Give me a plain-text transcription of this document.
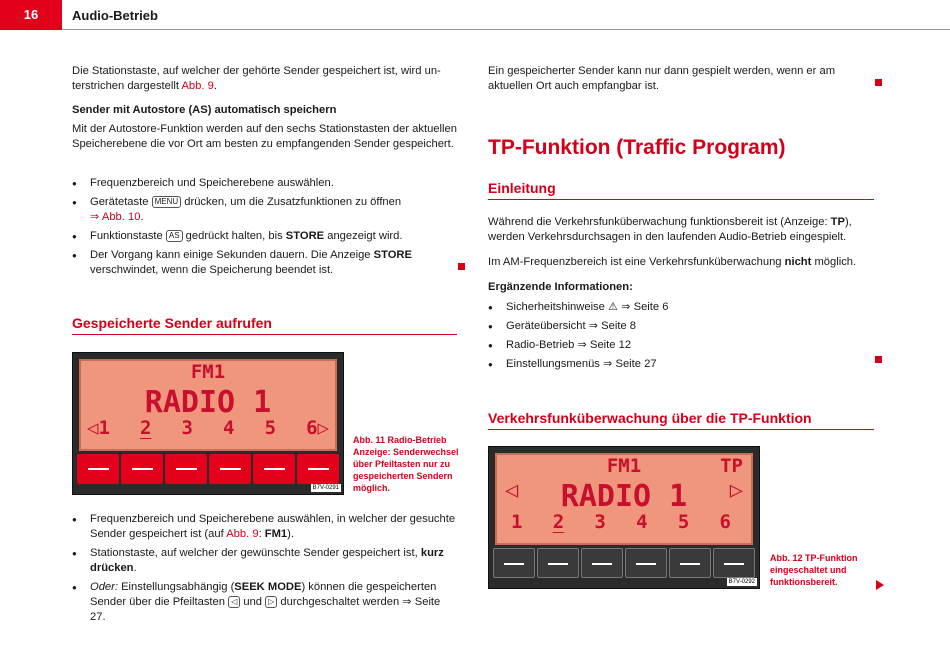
16	Audio-Betrieb

Die Stationstaste, auf welcher der gehörte Sender gespeichert ist, wird un-
terstrichen dargestellt Abb. 9.

Sender mit Autostore (AS) automatisch speichern

Mit der Autostore-Funktion werden auf den sechs Stationstasten der aktuellen Speicherebene die vor Ort am besten zu empfangenden Sender gespeichert.

● Frequenzbereich und Speicherebene auswählen.
● Gerätetaste MENU drücken, um die Zusatzfunktionen zu öffnen
⇒ Abb. 10.
● Funktionstaste AS gedrückt halten, bis STORE angezeigt wird.
● Der Vorgang kann einige Sekunden dauern. Die Anzeige STORE verschwindet, wenn die Speicherung beendet ist.
Gespeicherte Sender aufrufen
FM1
RADIO 1
◁1 2 3 4 5 6▷
B7V-0291
Abb. 11 Radio-Betrieb Anzeige: Senderwechsel über Pfeiltasten nur zu gespeicherten Sendern möglich.
● Frequenzbereich und Speicherebene auswählen, in welcher der gesuchte Sender gespeichert ist (auf Abb. 9: FM1).
● Stationstaste, auf welcher der gewünschte Sender gespeichert ist, kurz drücken.
● Oder: Einstellungsabhängig (SEEK MODE) können die gespeicherten Sender über die Pfeiltasten ◁ und ▷ durchgeschaltet werden ⇒ Seite 27.

Ein gespeicherter Sender kann nur dann gespielt werden, wenn er am aktuellen Ort auch empfangbar ist.

TP-Funktion (Traffic Program)
Einleitung

Während die Verkehrsfunküberwachung funktionsbereit ist (Anzeige: TP), werden Verkehrsdurchsagen in den laufenden Audio-Betrieb eingespielt.

Im AM-Frequenzbereich ist eine Verkehrsfunküberwachung nicht möglich.

Ergänzende Informationen:
● Sicherheitshinweise ⚠ ⇒ Seite 6
● Geräteübersicht ⇒ Seite 8
● Radio-Betrieb ⇒ Seite 12
● Einstellungsmenüs ⇒ Seite 27
Verkehrsfunküberwachung über die TP-Funktion
FM1	TP
◁	RADIO 1	▷
1 2 3 4 5 6
B7V-0292
Abb. 12 TP-Funktion eingeschaltet und funktionsbereit.
